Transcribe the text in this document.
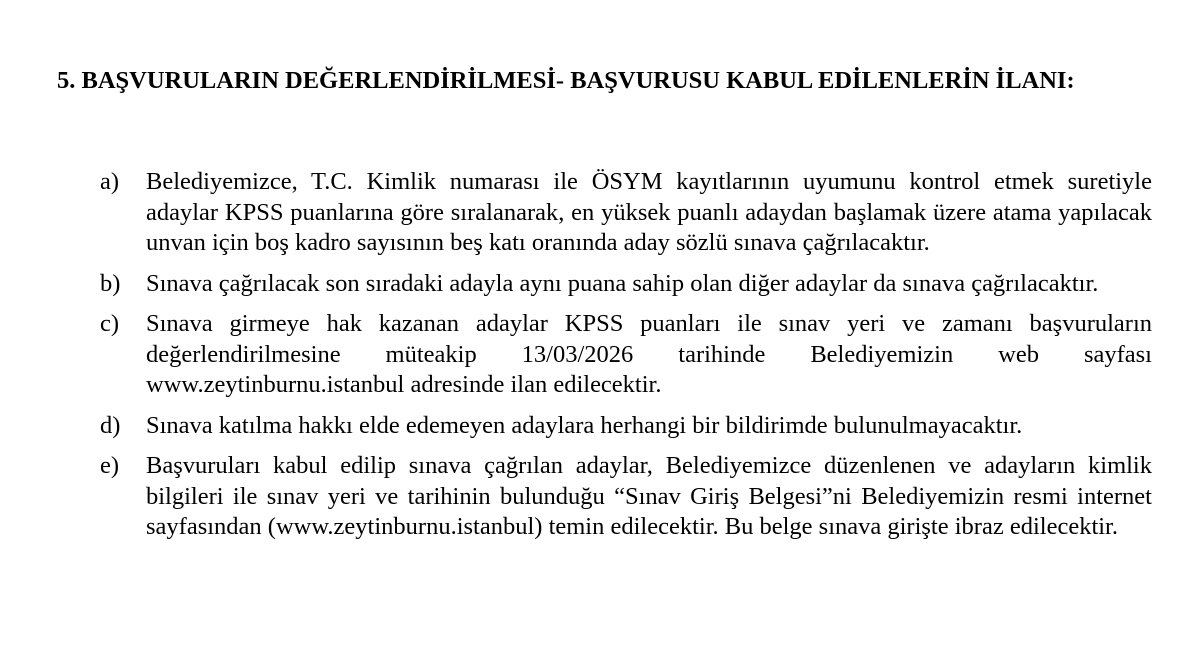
5. BAŞVURULARIN DEĞERLENDİRİLMESİ- BAŞVURUSU KABUL EDİLENLERİN İLANI:
a)	Belediyemizce, T.C. Kimlik numarası ile ÖSYM kayıtlarının uyumunu kontrol etmek suretiyle adaylar KPSS puanlarına göre sıralanarak, en yüksek puanlı adaydan başlamak üzere atama yapılacak unvan için boş kadro sayısının beş katı oranında aday sözlü sınava çağrılacaktır.
b)	Sınava çağrılacak son sıradaki adayla aynı puana sahip olan diğer adaylar da sınava çağrılacaktır.
c)	Sınava girmeye hak kazanan adaylar KPSS puanları ile sınav yeri ve zamanı başvuruların değerlendirilmesine müteakip 13/03/2026 tarihinde Belediyemizin web sayfası www.zeytinburnu.istanbul adresinde ilan edilecektir.
d)	Sınava katılma hakkı elde edemeyen adaylara herhangi bir bildirimde bulunulmayacaktır.
e)	Başvuruları kabul edilip sınava çağrılan adaylar, Belediyemizce düzenlenen ve adayların kimlik bilgileri ile sınav yeri ve tarihinin bulunduğu “Sınav Giriş Belgesi”ni Belediyemizin resmi internet sayfasından (www.zeytinburnu.istanbul) temin edilecektir. Bu belge sınava girişte ibraz edilecektir.
